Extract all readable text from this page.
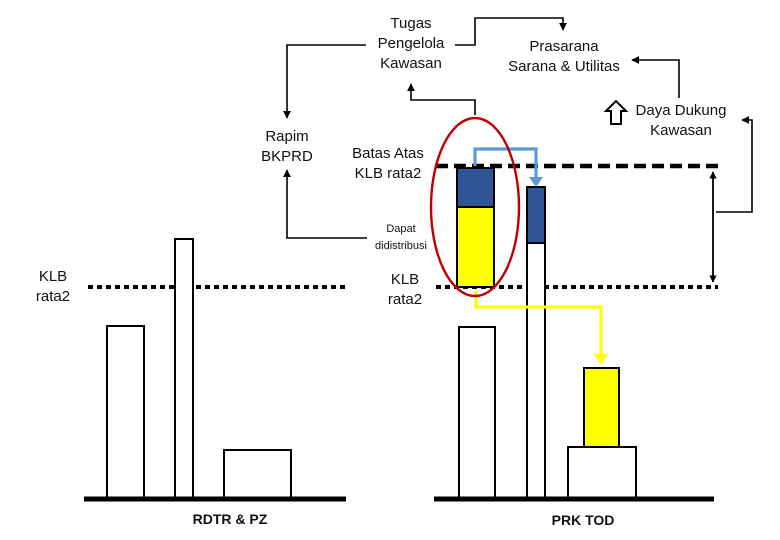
Tugas
Pengelola
Kawasan
Prasarana
Sarana & Utilitas
Daya Dukung
Kawasan
Rapim
BKPRD	Batas Atas
KLB rata2
Dapat
didistribusi
KLB
rata2
KLB
rata2
RDTR & PZ	PRK TOD
